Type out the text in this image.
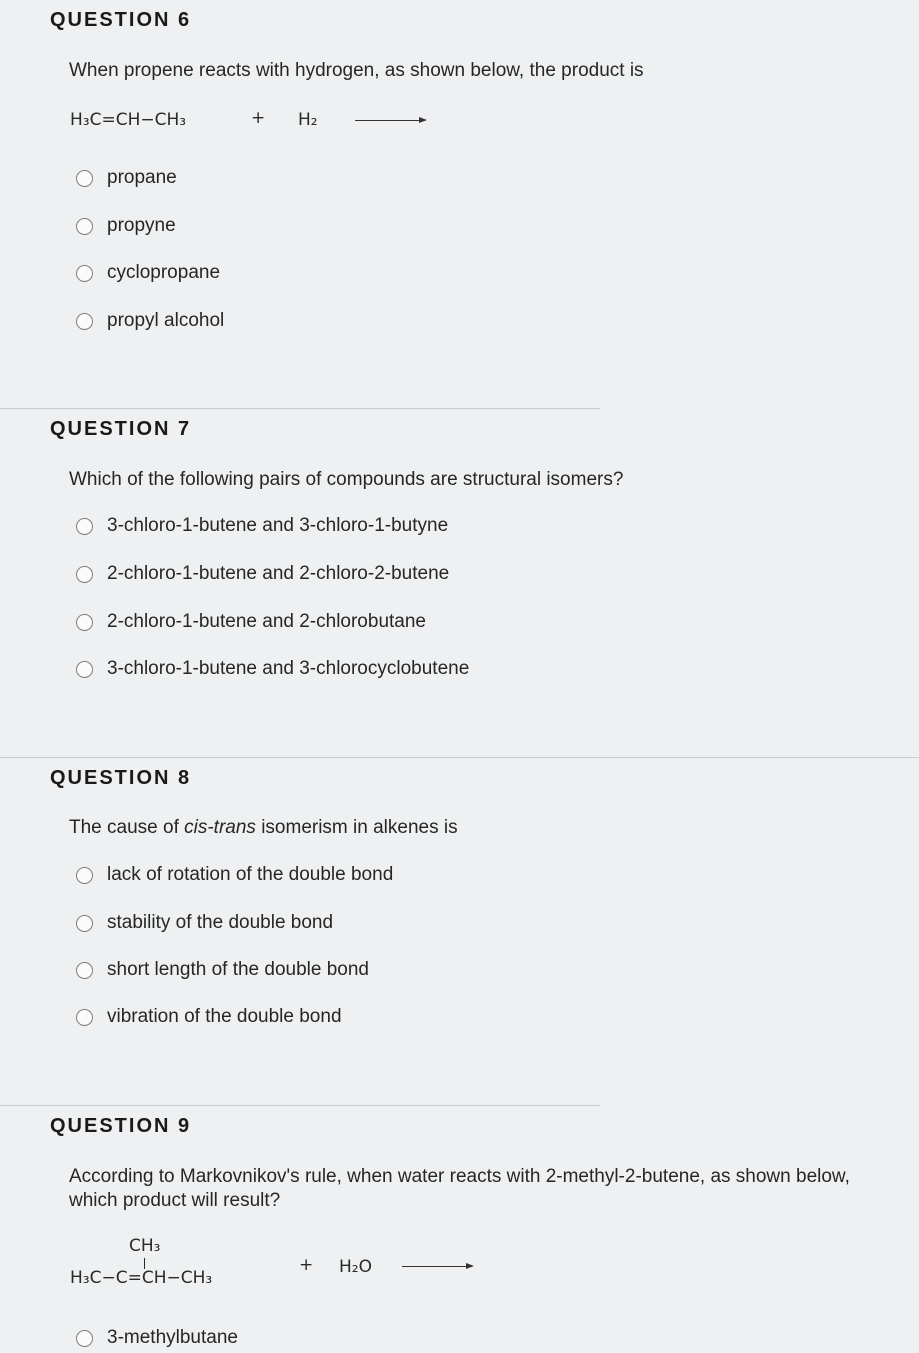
QUESTION 6
When propene reacts with hydrogen, as shown below, the product is
H₃C=CH−CH₃	+ H₂
propane
propyne
cyclopropane
propyl alcohol
QUESTION 7
Which of the following pairs of compounds are structural isomers?
3-chloro-1-butene and 3-chloro-1-butyne
2-chloro-1-butene and 2-chloro-2-butene
2-chloro-1-butene and 2-chlorobutane
3-chloro-1-butene and 3-chlorocyclobutene
QUESTION 8
The cause of cis-trans isomerism in alkenes is
lack of rotation of the double bond
stability of the double bond
short length of the double bond
vibration of the double bond
QUESTION 9
According to Markovnikov's rule, when water reacts with 2-methyl-2-butene, as shown below, which product will result?
CH₃
H₃C−C=CH−CH₃
+ H₂O
3-methylbutane
